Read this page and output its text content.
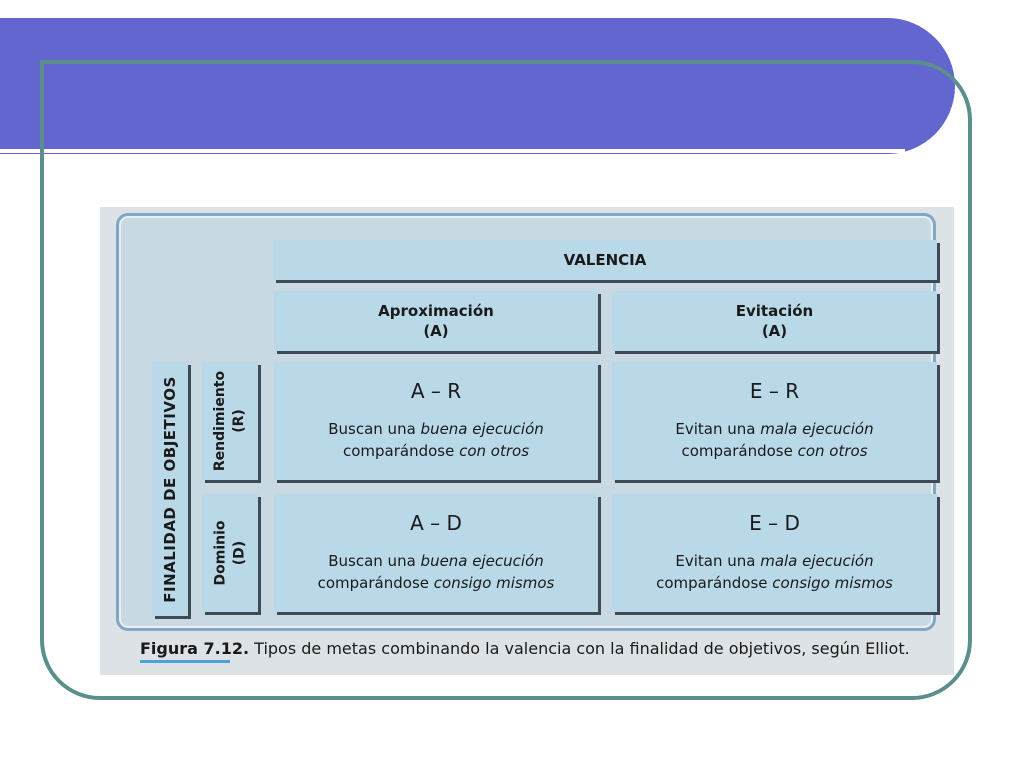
VALENCIA
Aproximación
(A)
Evitación
(A)
FINALIDAD DE OBJETIVOS Rendimiento (R)
Dominio (D)
A – R
Buscan una buena ejecución
comparándose con otros
E – R
Evitan una mala ejecución
comparándose con otros
A – D
Buscan una buena ejecución
comparándose consigo mismos
E – D
Evitan una mala ejecución
comparándose consigo mismos
Figura 7.12. Tipos de metas combinando la valencia con la finalidad de objetivos, según Elliot.
